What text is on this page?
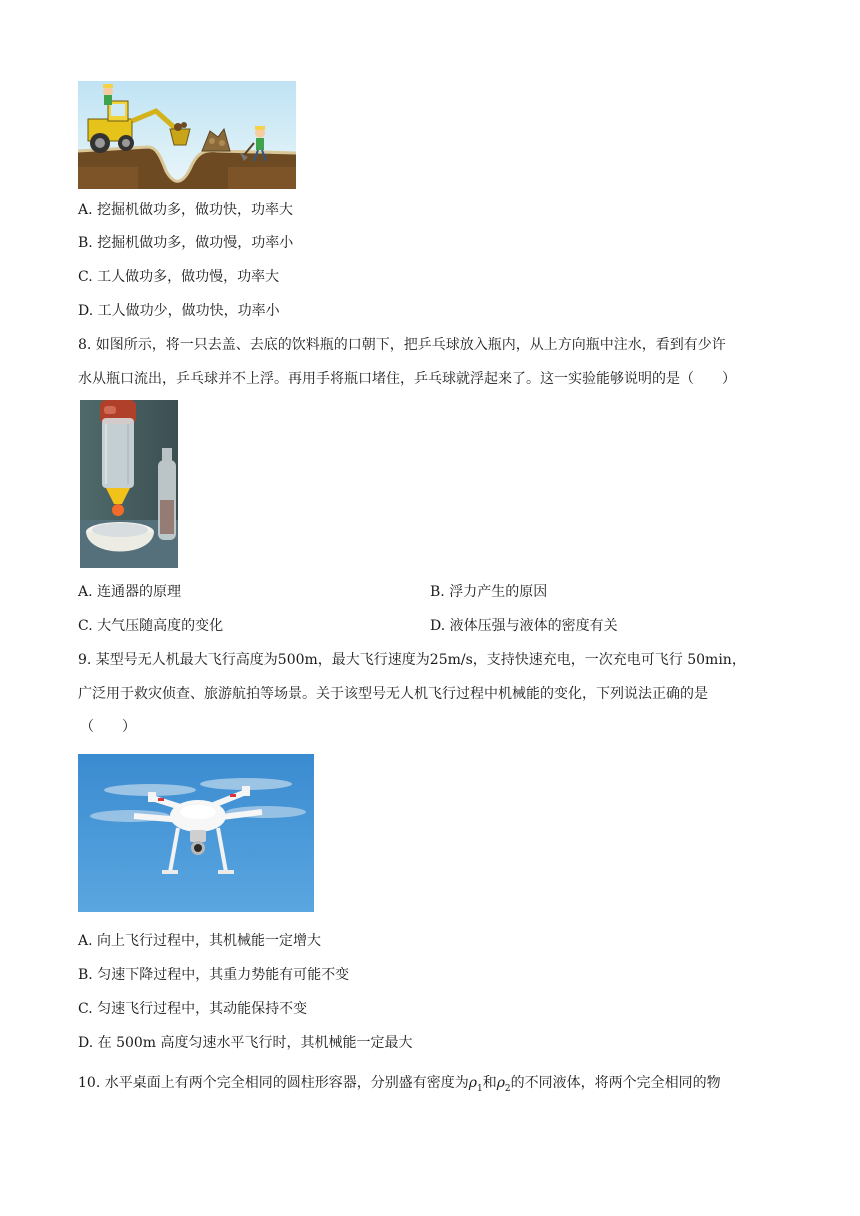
A. 挖掘机做功多，做功快，功率大
B. 挖掘机做功多，做功慢，功率小
C. 工人做功多，做功慢，功率大
D. 工人做功少，做功快，功率小
8. 如图所示，将一只去盖、去底的饮料瓶的口朝下，把乒乓球放入瓶内，从上方向瓶中注水，看到有少许
水从瓶口流出，乒乓球并不上浮。再用手将瓶口堵住，乒乓球就浮起来了。这一实验能够说明的是（　　）
A. 连通器的原理	B. 浮力产生的原因
C. 大气压随高度的变化	D. 液体压强与液体的密度有关
9. 某型号无人机最大飞行高度为500m，最大飞行速度为25m/s，支持快速充电，一次充电可飞行 50min，
广泛用于救灾侦查、旅游航拍等场景。关于该型号无人机飞行过程中机械能的变化，下列说法正确的是
（　　）
A. 向上飞行过程中，其机械能一定增大
B. 匀速下降过程中，其重力势能有可能不变
C. 匀速飞行过程中，其动能保持不变
D. 在 500m 高度匀速水平飞行时，其机械能一定最大
10. 水平桌面上有两个完全相同的圆柱形容器，分别盛有密度为$\rho_1$和$\rho_2$的不同液体，将两个完全相同的物
